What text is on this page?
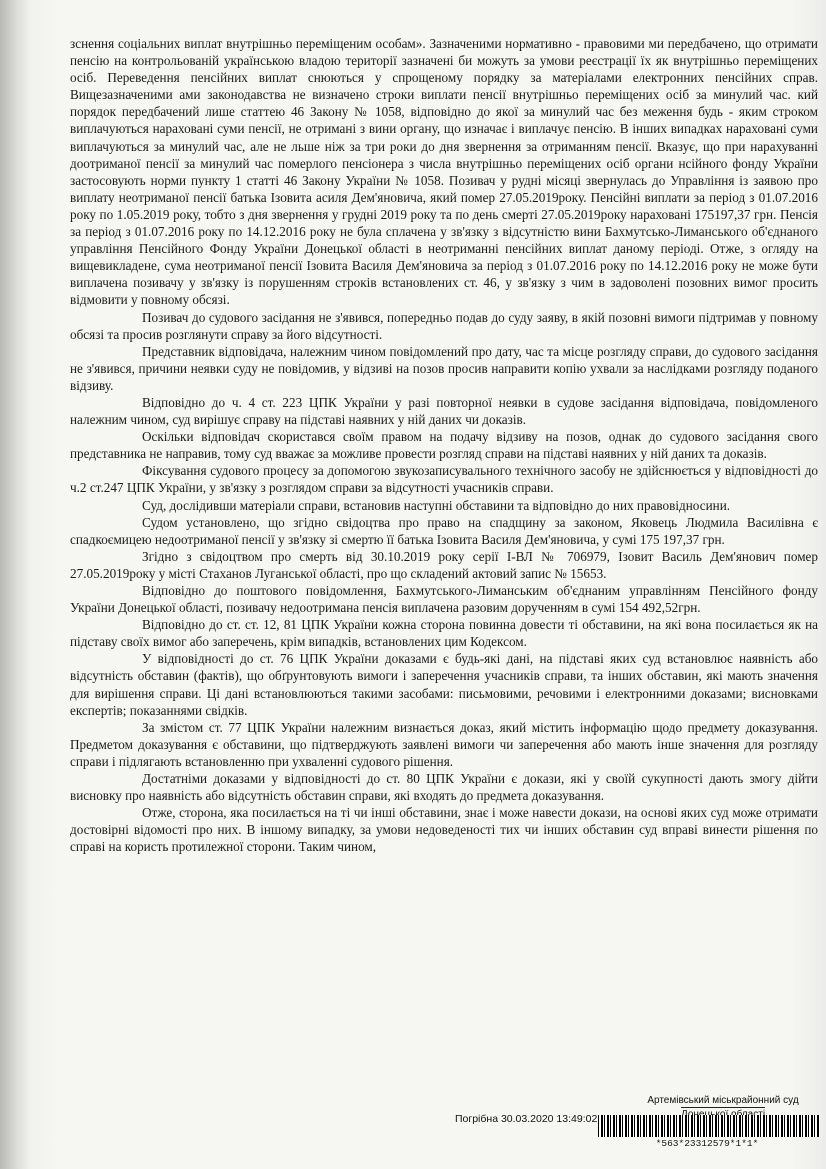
зснення соціальних виплат внутрішньо переміщеним особам». Зазначеними нормативно - правовими ми передбачено, що отримати пенсію на контрольованій українською владою території зазначені би можуть за умови реєстрації їх як внутрішньо переміщених осіб. Переведення пенсійних виплат снюються у спрощеному порядку за матеріалами електронних пенсійних справ. Вищезазначеними ами законодавства не визначено строки виплати пенсії внутрішньо переміщених осіб за минулий час. кий порядок передбачений лише статтею 46 Закону № 1058, відповідно до якої за минулий час без меження будь - яким строком виплачуються нараховані суми пенсії, не отримані з вини органу, що изначає і виплачує пенсію. В інших випадках нараховані суми виплачуються за минулий час, але не льше ніж за три роки до дня звернення за отриманням пенсії. Вказує, що при нарахуванні доотриманої пенсії за минулий час померлого пенсіонера з числа внутрішньо переміщених осіб органи нсійного фонду України застосовують норми пункту 1 статті 46 Закону України № 1058. Позивач у рудні місяці звернулась до Управління із заявою про виплату неотриманої пенсії батька Ізовита асиля Дем'яновича, який помер 27.05.2019року. Пенсійні виплати за період з 01.07.2016 року по 1.05.2019 року, тобто з дня звернення у грудні 2019 року та по день смерті 27.05.2019року нараховані 175197,37 грн. Пенсія за період з 01.07.2016 року по 14.12.2016 року не була сплачена у зв'язку з відсутністю вини Бахмутсько-Лиманського об'єднаного управління Пенсійного Фонду України Донецької області в неотриманні пенсійних виплат даному періоді. Отже, з огляду на вищевикладене, сума неотриманої пенсії Ізовита Василя Дем'яновича за період з 01.07.2016 року по 14.12.2016 року не може бути виплачена позивачу у зв'язку із порушенням строків встановлених ст. 46, у зв'язку з чим в задоволені позовних вимог просить відмовити у повному обсязі.

Позивач до судового засідання не з'явився, попередньо подав до суду заяву, в якій позовні вимоги підтримав у повному обсязі та просив розглянути справу за його відсутності.

Представник відповідача, належним чином повідомлений про дату, час та місце розгляду справи, до судового засідання не з'явився, причини неявки суду не повідомив, у відзиві на позов просив направити копію ухвали за наслідками розгляду поданого відзиву.

Відповідно до ч. 4 ст. 223 ЦПК України у разі повторної неявки в судове засідання відповідача, повідомленого належним чином, суд вирішує справу на підставі наявних у ній даних чи доказів.

Оскільки відповідач скористався своїм правом на подачу відзиву на позов, однак до судового засідання свого представника не направив, тому суд вважає за можливе провести розгляд справи на підставі наявних у ній даних та доказів.

Фіксування судового процесу за допомогою звукозаписувального технічного засобу не здійснюється у відповідності до ч.2 ст.247 ЦПК України, у зв'язку з розглядом справи за відсутності учасників справи.

Суд, дослідивши матеріали справи, встановив наступні обставини та відповідно до них правовідносини.

Судом установлено, що згідно свідоцтва про право на спадщину за законом, Яковець Людмила Василівна є спадкоємицею недоотриманої пенсії у зв'язку зі смертю її батька Ізовита Василя Дем'яновича, у сумі 175 197,37 грн.

Згідно з свідоцтвом про смерть від 30.10.2019 року серії І-ВЛ № 706979, Ізовит Василь Дем'янович помер 27.05.2019року у місті Стаханов Луганської області, про що складений актовий запис № 15653.

Відповідно до поштового повідомлення, Бахмутського-Лиманським об'єднаним управлінням Пенсійного фонду України Донецької області, позивачу недоотримана пенсія виплачена разовим дорученням в сумі 154 492,52грн.

Відповідно до ст. ст. 12, 81 ЦПК України кожна сторона повинна довести ті обставини, на які вона посилається як на підставу своїх вимог або заперечень, крім випадків, встановлених цим Кодексом.

У відповідності до ст. 76 ЦПК України доказами є будь-які дані, на підставі яких суд встановлює наявність або відсутність обставин (фактів), що обґрунтовують вимоги і заперечення учасників справи, та інших обставин, які мають значення для вирішення справи. Ці дані встановлюються такими засобами: письмовими, речовими і електронними доказами; висновками експертів; показаннями свідків.

За змістом ст. 77 ЦПК України належним визнається доказ, який містить інформацію щодо предмету доказування. Предметом доказування є обставини, що підтверджують заявлені вимоги чи заперечення або мають інше значення для розгляду справи і підлягають встановленню при ухваленні судового рішення.

Достатніми доказами у відповідності до ст. 80 ЦПК України є докази, які у своїй сукупності дають змогу дійти висновку про наявність або відсутність обставин справи, які входять до предмета доказування.

Отже, сторона, яка посилається на ті чи інші обставини, знає і може навести докази, на основі яких суд може отримати достовірні відомості про них. В іншому випадку, за умови недоведеності тих чи інших обставин суд вправі винести рішення по справі на користь протилежної сторони. Таким чином,

Артемівський міськрайонний суд
Погрібна 30.03.2020 13:49:02
*563*23312579*1*1*
